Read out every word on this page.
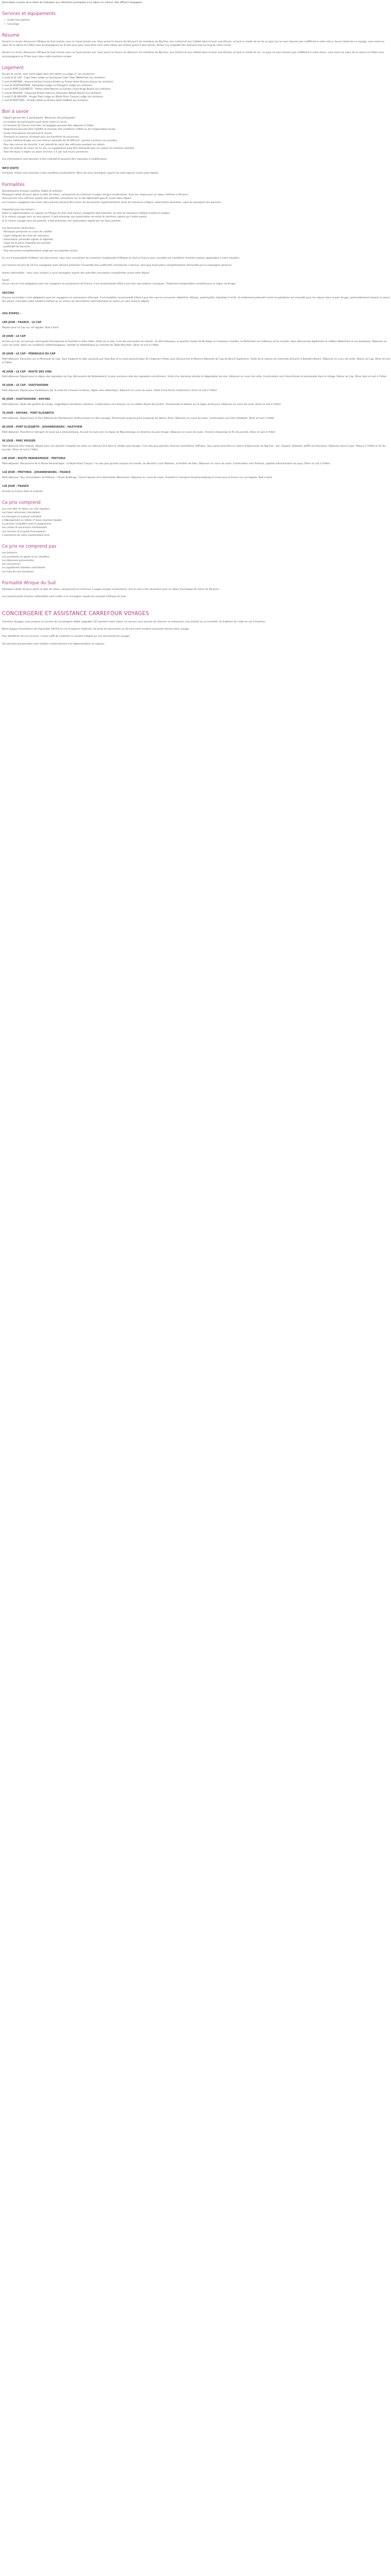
Description à partir de la lettre de résiliation aux sélections principales d'un séjour en colonie. Site officiel Campagnie.

Services et équipements
• Guide francophone
• Concierge
Résumé

Durant ce circuit, découvrez l'Afrique du Sud comme vous ne l'avez jamais vue. Vous aurez la chance de découvrir les membres du Big Five, leur instinct et leur habitat dans le bush sud-africain, et tout un mode de vie de ce pays qui ne vous laissera pas indifférent à votre retour. Aucun doute de ce voyage, vous serez au cœur de la nature et l'hôtel vous accompagnera au fil des jours pour vous faire vivre votre séjour qui restera gravé à tout jamais. Partez à la conquête des animaux tout au long de votre circuit.

Durant ce circuit, découvrez l'Afrique du Sud comme vous ne l'avez jamais vue. Vous aurez la chance de découvrir les membres du Big Five, leur instinct et leur habitat dans le bush sud-africain, et tout un mode de vie. Ce pays ne vous laissera pas indifférent à votre retour, vous serez au cœur de la nature et l'hôtel vous accompagnera au fil des jours dans cette aventure unique.

Logement

Durant le circuit, vous serez logés dans des hôtels ou Lodge 3* (ou similaires) :

2 nuits J1-J2 CAP : Cape Town Lodge ou Sunsquare Cape Town Waterfront (ou similaire)

1 nuit J3 KNYSNA : Knysna Hollow Country Estate ou Protea Hotel Knysna Quays (ou similaire)

1 nuit J4 OUDTSHOORN : Kleinplaas Lodge ou Hlangana Lodge (ou similaire)

1 nuit J5 PORT ELIZABETH : Protea Hotel Marine ou Garden Court Kings Beach (ou similaire)

1 nuit J6 KRUGER : Hazyview Protea Hotel ou Greenway Woods Resort (ou similaire)

2 nuits J7-J8 KRUGER : Kruger Park Lodge ou Blyde River Canyon Lodge (ou similaire)

1 nuit J9 PRETORIA : Arcadia Hotel ou Protea Hotel Hatfield (ou similaire)

Bon à savoir

- Départ garanti dès 2 participants. Maximum 40 participants.

- Le nombre de participants peut varier selon le circuit.

- En fonction de l'heure d'arrivée, les bagages peuvent être déposés à l'hôtel.

- Programme pouvant être modifié en fonction des conditions météo ou de l'organisation locale.

- Guide francophone durant tout le circuit.

- Transport en autocar climatisé pour les transferts et excursions.

- Le parc national Kruger est une réserve naturelle de 20 000 km², pensez à prévoir vos jumelles.

- Pour des raisons de sécurité, il est interdit de sortir des véhicules pendant les safaris.

- Pour les enfants de moins de 12 ans, un supplément peut être demandé pour les safaris et certaines activités.

- Taxe de séjour à régler sur place (environ 2 € par nuit et par personne).

Ces informations sont données à titre indicatif et peuvent être soumises à modifications.

INFO VISITE

Certaines visites sont soumises à des conditions particulières. Merci de vous renseigner auprès de votre agence avant votre départ.

Formalités

Ressortissants français (adultes, bébés et enfants) :

Passeport valide 30 jours après la date de retour, comprenant au minimum 2 pages vierges consécutives. Visa non requis pour un séjour inférieur à 90 jours.

Vous pouvez vous informer auprès des autorités consulaires sur le site diplomatie.gouv.fr avant votre départ.

Les mineurs voyageant sans leurs deux parents doivent être munis de documents supplémentaires (acte de naissance intégral, autorisation parentale, copie du passeport des parents).

Important pour les mineurs :

Selon la réglementation en vigueur en Afrique du Sud, tout mineur voyageant doit présenter un acte de naissance intégral traduit en anglais.

Si le mineur voyage avec un seul parent, il doit présenter une autorisation de sortie du territoire signée par l'autre parent.

Si le mineur voyage sans ses parents, il doit présenter une autorisation signée par les deux parents.

Les documents nécessaires :

- Passeport personnel en cours de validité

- Copie intégrale de l'acte de naissance

- Autorisation parentale signée et légalisée

- Copie de la pièce d'identité des parents

- Justificatif de domicile

- Tout document complémentaire exigé par les autorités locales

En cas d'impossibilité d'obtenir ces documents, nous vous conseillons de contacter l'ambassade d'Afrique du Sud en France pour connaître les conditions d'entrée exactes applicables à votre situation.

Les mineurs de plus de 16 ans voyageant seuls doivent présenter l'ensemble des justificatifs mentionnés ci-dessus, ainsi que toute pièce complémentaire demandée par la compagnie aérienne.

Autres nationalités : nous vous invitons à vous renseigner auprès des autorités consulaires compétentes avant votre départ.

Santé :

Aucun vaccin n'est obligatoire pour les voyageurs en provenance de France. Il est recommandé d'être à jour des vaccinations classiques. Traitement antipaludéen conseillé pour la région du Kruger.

VACCINS

Aucune vaccination n'est obligatoire pour les voyageurs en provenance d'Europe. Il est toutefois recommandé d'être à jour des vaccins universels (diphtérie, tétanos, poliomyélite, hépatites A et B). Un traitement préventif contre le paludisme est conseillé pour les séjours dans le parc Kruger, particulièrement durant la saison des pluies. Consultez votre médecin traitant ou un centre de vaccinations internationales au moins un mois avant le départ.

VOS ÉTAPES :
1ER JOUR : FRANCE - LE CAP

Départ pour Le Cap sur vol régulier. Nuit à bord.

2E JOUR : LE CAP

Arrivée au Cap, accueil par votre guide francophone et transfert à votre hôtel. Visite de la ville, l'une des plus belles du monde : la ville historique, le quartier malais de Bo-Kaap, le Company's Garden, le Parlement, les châteaux et les musées. Vous découvrirez également le célèbre Waterfront et ses boutiques. Déjeuner en cours de visite. Selon les conditions météorologiques, montée en téléphérique au sommet de Table Mountain. Dîner et nuit à l'hôtel.

3E JOUR : LE CAP - PÉNINSULE DU CAP

Petit-déjeuner. Excursion sur la Péninsule du Cap. Vous longerez la côte, passerez par Hout Bay et la route panoramique de Chapman's Peak, puis découvrirez la Réserve Naturelle du Cap de Bonne Espérance. Visite de la colonie de manchots africains à Boulders Beach. Déjeuner en cours de visite. Retour au Cap. Dîner et nuit à l'hôtel.

4E JOUR : LE CAP - ROUTE DES VINS

Petit-déjeuner. Départ pour la région des vignobles du Cap. Découverte de Stellenbosch, la plus ancienne ville des vignobles sud-africains. Visite d'un domaine viticole et dégustation de vins. Déjeuner en cours de visite. Continuation vers Franschhoek et promenade dans le village. Retour au Cap. Dîner libre et nuit à l'hôtel.

5E JOUR : LE CAP - OUDTSHOORN

Petit-déjeuner. Départ pour Oudtshoorn par la route 62 à travers le Karoo, région semi-désertique. Déjeuner en cours de route. Visite d'une ferme d'autruches. Dîner et nuit à l'hôtel.

6E JOUR : OUDTSHOORN - KNYSNA

Petit-déjeuner. Visite des grottes de Cango, magnifiques formations calcaires. Continuation vers Knysna, sur la célèbre Route des Jardins. Promenade en bateau sur le lagon de Knysna. Déjeuner en cours de route. Dîner et nuit à l'hôtel.

7E JOUR : KNYSNA - PORT ELIZABETH

Petit-déjeuner. Départ pour le Parc National de Tsitsikamma, forêt primaire et côte sauvage. Promenade jusqu'au pont suspendu de Storms River. Déjeuner en cours de route. Continuation vers Port Elizabeth. Dîner et nuit à l'hôtel.

8E JOUR : PORT ELIZABETH - JOHANNESBURG - HAZYVIEW

Petit-déjeuner. Transfert à l'aéroport et envol pour Johannesburg. Accueil et route vers la région de Mpumalanga, en direction du parc Kruger. Déjeuner en cours de route. Arrivée à Hazyview en fin de journée. Dîner et nuit à l'hôtel.

9E JOUR : PARC KRUGER

Petit-déjeuner très matinal. Départ pour une journée complète de safari en véhicule 4x4 dans le célèbre parc Kruger, l'une des plus grandes réserves animalières d'Afrique. Vous aurez peut-être la chance d'apercevoir les Big Five : lion, léopard, éléphant, buffle et rhinocéros. Déjeuner dans le parc. Retour à l'hôtel en fin de journée. Dîner et nuit à l'hôtel.

10E JOUR : ROUTE PANORAMIQUE - PRETORIA

Petit-déjeuner. Découverte de la Route Panoramique : le Blyde River Canyon, l'un des plus grands canyons du monde, les Bourke's Luck Potholes, la Fenêtre de Dieu. Déjeuner en cours de route. Continuation vers Pretoria, capitale administrative du pays. Dîner et nuit à l'hôtel.

11E JOUR : PRETORIA - JOHANNESBURG - FRANCE

Petit-déjeuner. Tour d'orientation de Pretoria : l'Union Buildings, Church Square et le Voortrekker Monument. Déjeuner en cours de visite. Transfert à l'aéroport de Johannesburg et envol pour la France sur vol régulier. Nuit à bord.

12E JOUR : FRANCE

Arrivée en France dans la matinée.

Ce prix comprend

Les vols aller et retour sur vols réguliers

Les taxes aériennes (révisables)

Le transport en autocar climatisé

L'hébergement en hôtels 3* base chambre double

La pension complète selon le programme

Les visites et excursions mentionnées

Les services d'un guide francophone

L'assistance de notre représentant local

Ce prix ne comprend pas

Les boissons

Les pourboires au guide et au chauffeur

Les dépenses personnelles

Les assurances

Le supplément chambre individuelle

Les frais de visa éventuels

Formalité Afrique du Sud

Passeport valide 30 jours après la date de retour, comprenant au minimum 2 pages vierges consécutives. Aucun visa n'est nécessaire pour un séjour touristique de moins de 90 jours.

Les ressortissants d'autres nationalités sont invités à se renseigner auprès du consulat d'Afrique du Sud.

CONCIERGERIE ET ASSISTANCE CARREFOUR VOYAGES

Carrefour Voyages vous propose un service de conciergerie dédié, joignable 7j/7 pendant votre séjour. Ce service vous permet de réserver un restaurant, une activité ou un transfert, et d'obtenir de l'aide en cas d'imprévu.

Notre équipe d'assistance est disponible 24h/24 en cas d'urgence médicale, de perte de documents ou de tout autre incident survenant durant votre voyage.

Pour bénéficier de ces services, il vous suffit de contacter le numéro indiqué sur vos documents de voyage.

Vos données personnelles sont traitées conformément à la réglementation en vigueur.
